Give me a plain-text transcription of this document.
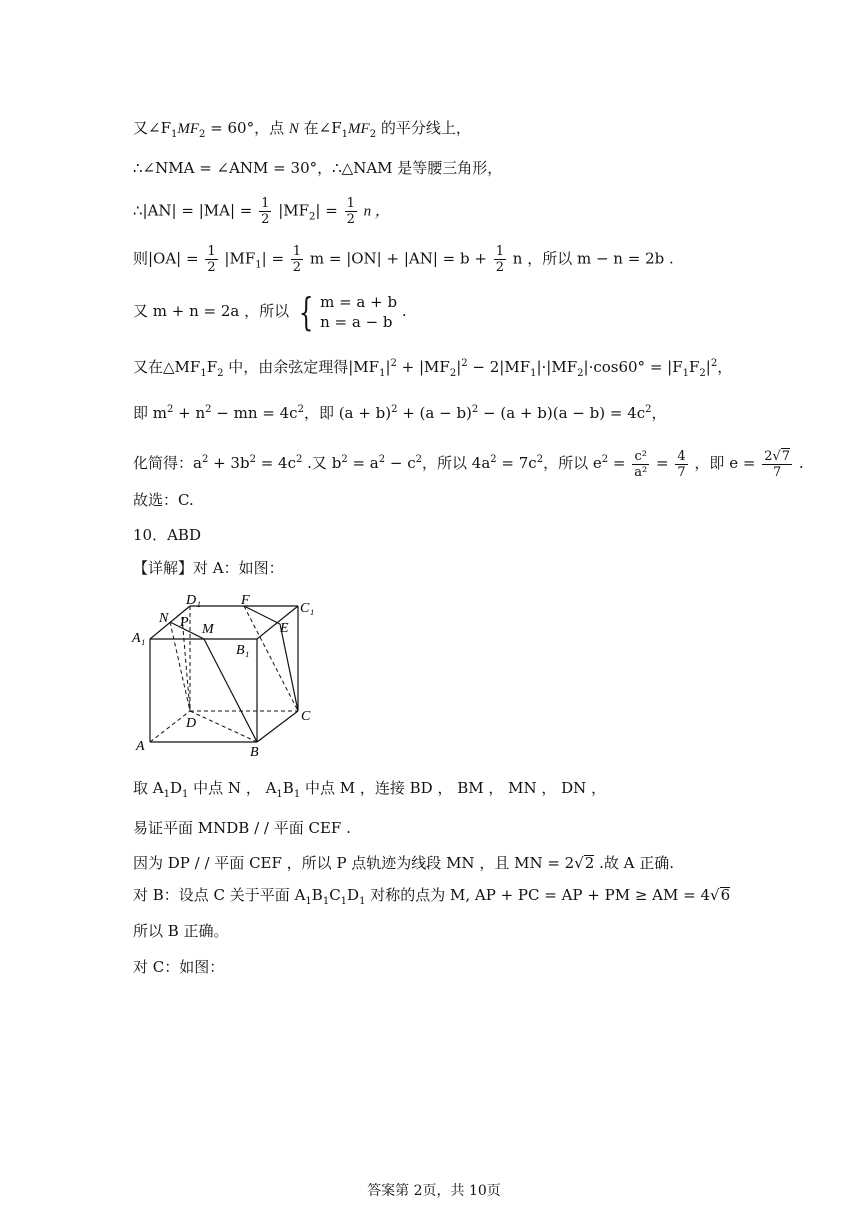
又$\angle F_1MF_2 = 60^\circ$，点 N 在$\angle F_1MF_2$ 的平分线上，
∴∠NMA = ∠ANM = 30°，∴△NAM 是等腰三角形，
∴|AN| = $|MA| = \frac{1}{2} |MF_2| = \frac{1}{2}$ n ，
则$|OA| = \frac{1}{2} |MF_1| = \frac{1}{2}$ $m = |ON| + |AN| = b + \frac{1}{2}$ n ，所以 m − n = 2b .
又 m + n = 2a ，所以 { m = a + b
n = a − b
.
又在$\triangle MF_1F_2$ 中，由余弦定理得$|MF_1|^2 + |MF_2|^2 - 2|MF_1|\cdot|MF_2|\cdot\cos 60^\circ = |F_1F_2|^2$，
即 $m^2 + n^2$ − mn = $4c^2$，即 $(a + b)^2 + (a - b)^2 - (a + b)(a - b) = 4c^2$，
化简得：$a^2 + 3b^2 = 4c^2$ .又 $b^2 = a^2 - c^2$，所以 $4a^2 = 7c^2$，所以 $e^2 = \frac{\text{c²}}{\text{a²}} = \frac{4}{7}$ ，即 $e = \frac{2√7}{7}$ .
故选：C.
10．ABD
【详解】对 A：如图：
D₁	F
C₁
N P M	E
A₁
B₁
D	C
A	B
取 $A_1D_1$ 中点 N ， $A_1B_1$ 中点 M ，连接 BD ， BM ， MN ， DN ，
易证平面 MNDB / / 平面 CEF .
因为 DP / / 平面 CEF ，所以 P 点轨迹为线段 MN ，且 MN = 2√2 .故 A 正确.
对 B：设点 C 关于平面 $A_1B_1C_1D_1$ 对称的点为 M, AP + PC = AP + PM ≥ AM = 4√6
所以 B 正确。
对 C：如图：
答案第 2页，共 10页
